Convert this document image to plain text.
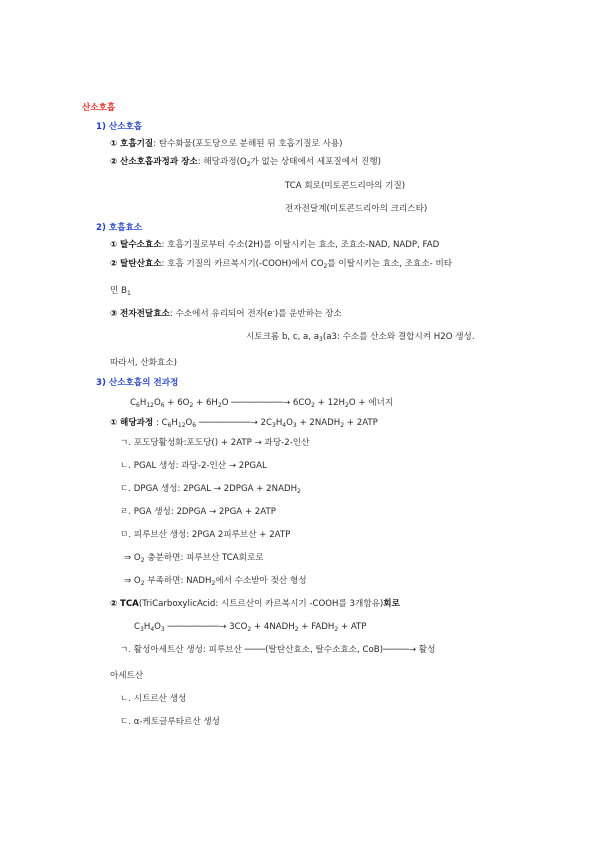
산소호흡
1) 산소호흡
① 호흡기질: 탄수화물(포도당으로 분해된 뒤 호흡기질로 사용)
② 산소호흡과정과 장소: 해당과정($O_2$가 없는 상태에서 세포질에서 진행)
TCA 회로(미토콘드리아의 기질)
전자전달계(미토콘드리아의 크리스타)
2) 호흡효소
① 탈수소효소: 호흡기질로부터 수소(2H)를 이탈시키는 효소, 조효소-NAD, NADP, FAD
② 탈탄산효소: 호흡 기질의 카르복시기(-COOH)에서 $CO_2$를 이탈시키는 효소, 조효소- 비타
민 $B_1$
③ 전자전달효소: 수소에서 유리되어 전자(e-)를 운반하는 장소
시토크롬 b, c, a, $a_3(a3$: 수소를 산소와 결합시켜 H2O 생성.
따라서, 산화효소)
3) 산소호흡의 전과정
$C_6H_{12}O_6 + 6O_2 + 6H_2O$ ──────────→ $6CO_2 + 12H_2O$ + 에너지
① 해당과정 : $C_6H_{12}O_6$ ──────────→ $2C_3H_4O_3$ + $2NADH_2 + 2ATP$
ㄱ. 포도당활성화:포도당() + 2ATP → 과당-2-인산
ㄴ. PGAL 생성: 과당-2-인산 → 2PGAL
ㄷ. DPGA 생성: 2PGAL → 2DPGA + $2NADH_2$
ㄹ. PGA 생성: 2DPGA → 2PGA + 2ATP
ㅁ. 피루브산 생성: 2PGA 2피루브산 + 2ATP
⇒ $O_2$ 충분하면: 피루브산 TCA회로로
⇒ $O_2$ 부족하면: $NADH_2$에서 수소받아 젖산 형성
② TCA(TriCarboxylicAcid: 시트르산이 카르복시기 -COOH를 3개함유)회로
$C_3H_4O_3$ ──────────→ $3CO_2$ + $4NADH_2$ + $FADH_2$ + ATP
ㄱ. 활성아세트산 생성: 피루브산 ────(탈탄산효소, 탈수소효소, CoB)─────→ 활성
아세트산
ㄴ. 시트르산 생성
ㄷ. α-케토글루타르산 생성
